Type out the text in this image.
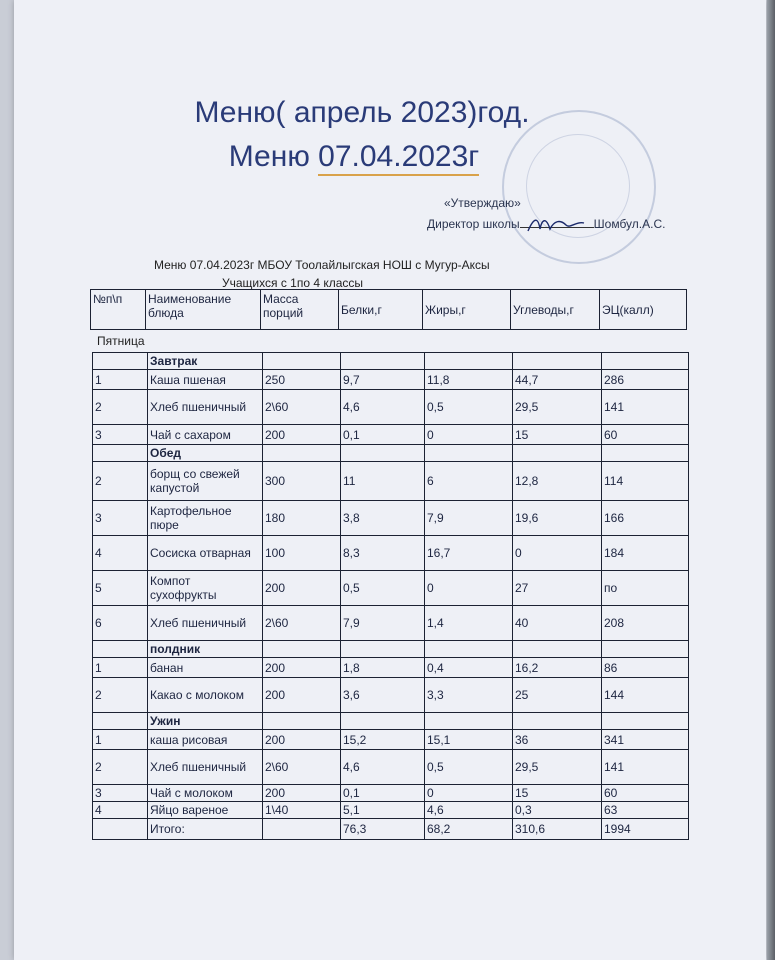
Меню( апрель 2023)год.
Меню 07.04.2023г
«Утверждаю»
Директор школы	Шомбул.А.С.
Меню 07.04.2023г МБОУ Тоолайлыгская НОШ с Мугур-Аксы
Учащихся с 1по 4 классы
№п\п	Наименование блюда	Масса порций	Белки,г	Жиры,г	Углеводы,г	ЭЦ(калл)
Пятница
	Завтрак					
1	Каша пшеная	250	9,7	11,8	44,7	286
2	Хлеб пшеничный	2\60	4,6	0,5	29,5	141
3	Чай с сахаром	200	0,1	0	15	60
	Обед					
2	борщ со свежей капустой	300	11	6	12,8	114
3	Картофельное пюре	180	3,8	7,9	19,6	166
4	Сосиска отварная	100	8,3	16,7	0	184
5	Компот сухофрукты	200	0,5	0	27	по
6	Хлеб пшеничный	2\60	7,9	1,4	40	208
	полдник					
1	банан	200	1,8	0,4	16,2	86
2	Какао с молоком	200	3,6	3,3	25	144
	Ужин					
1	каша рисовая	200	15,2	15,1	36	341
2	Хлеб пшеничный	2\60	4,6	0,5	29,5	141
3	Чай с молоком	200	0,1	0	15	60
4	Яйцо вареное	1\40	5,1	4,6	0,3	63
	Итого:		76,3	68,2	310,6	1994
